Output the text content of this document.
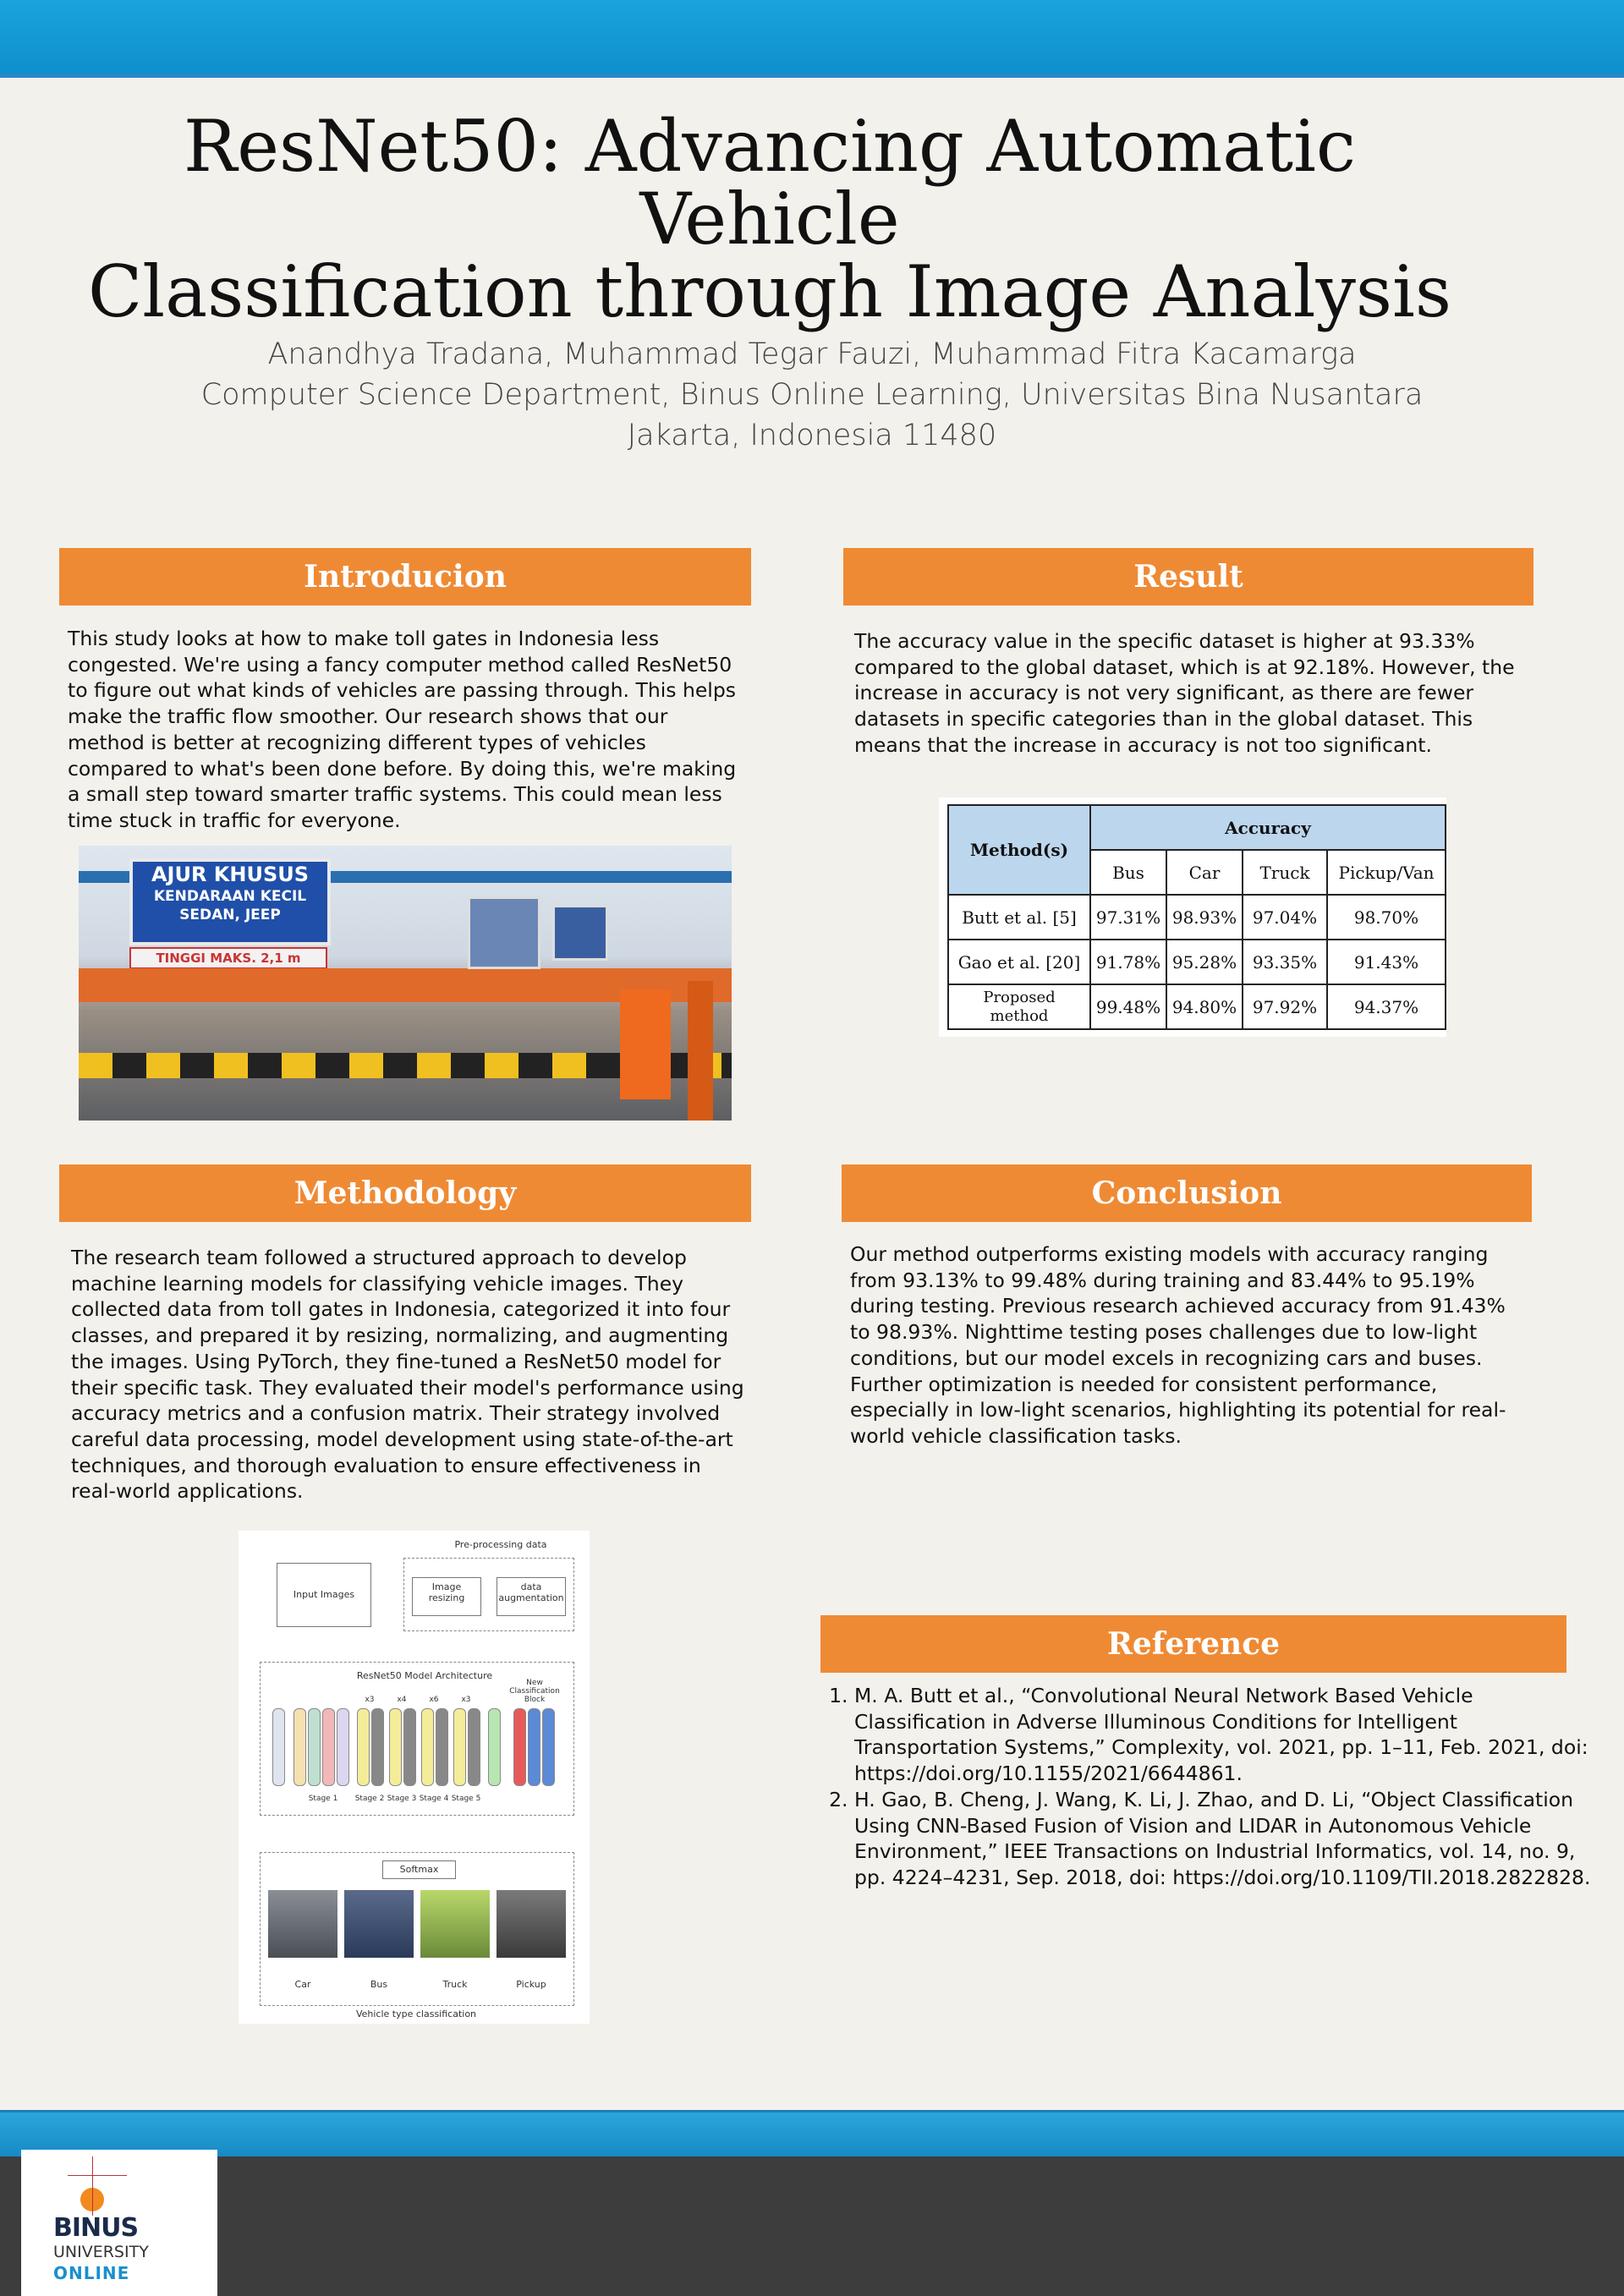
ResNet50: Advancing Automatic Vehicle
Classification through Image Analysis
Anandhya Tradana, Muhammad Tegar Fauzi, Muhammad Fitra Kacamarga
Computer Science Department, Binus Online Learning, Universitas Bina Nusantara
Jakarta, Indonesia 11480
Introducion
This study looks at how to make toll gates in Indonesia less congested. We're using a fancy computer method called ResNet50 to figure out what kinds of vehicles are passing through. This helps make the traffic flow smoother. Our research shows that our method is better at recognizing different types of vehicles compared to what's been done before. By doing this, we're making a small step toward smarter traffic systems. This could mean less time stuck in traffic for everyone.
AJUR KHUSUS
KENDARAAN KECIL
SEDAN, JEEP
TINGGI MAKS. 2,1 m
Result
The accuracy value in the specific dataset is higher at 93.33% compared to the global dataset, which is at 92.18%. However, the increase in accuracy is not very significant, as there are fewer datasets in specific categories than in the global dataset. This means that the increase in accuracy is not too significant.
Method(s)	Accuracy			
	Bus	Car	Truck	Pickup/Van
Butt et al. [5]	97.31%	98.93%	97.04%	98.70%
Gao et al. [20]	91.78%	95.28%	93.35%	91.43%
Proposed method	99.48%	94.80%	97.92%	94.37%
Methodology
The research team followed a structured approach to develop machine learning models for classifying vehicle images. They collected data from toll gates in Indonesia, categorized it into four classes, and prepared it by resizing, normalizing, and augmenting the images. Using PyTorch, they fine-tuned a ResNet50 model for their specific task. They evaluated their model's performance using accuracy metrics and a confusion matrix. Their strategy involved careful data processing, model development using state-of-the-art techniques, and thorough evaluation to ensure effectiveness in real-world applications.
Pre-processing data
Input Images
Image resizing
data augmentation
ResNet50 Model Architecture
New Classification Block
x3	x4	x6	x3
Stage 1	Stage 2 Stage 3 Stage 4 Stage 5
Softmax
Car	Bus	Truck	Pickup
Vehicle type classification
Conclusion
Our method outperforms existing models with accuracy ranging from 93.13% to 99.48% during training and 83.44% to 95.19% during testing. Previous research achieved accuracy from 91.43% to 98.93%. Nighttime testing poses challenges due to low-light conditions, but our model excels in recognizing cars and buses. Further optimization is needed for consistent performance, especially in low-light scenarios, highlighting its potential for real-world vehicle classification tasks.
Reference
1. M. A. Butt et al., “Convolutional Neural Network Based Vehicle Classification in Adverse Illuminous Conditions for Intelligent Transportation Systems,” Complexity, vol. 2021, pp. 1–11, Feb. 2021, doi: https://doi.org/10.1155/2021/6644861.
2. H. Gao, B. Cheng, J. Wang, K. Li, J. Zhao, and D. Li, “Object Classification Using CNN-Based Fusion of Vision and LIDAR in Autonomous Vehicle Environment,” IEEE Transactions on Industrial Informatics, vol. 14, no. 9, pp. 4224–4231, Sep. 2018, doi: https://doi.org/10.1109/TII.2018.2822828.
BINUS
UNIVERSITY
ONLINE
